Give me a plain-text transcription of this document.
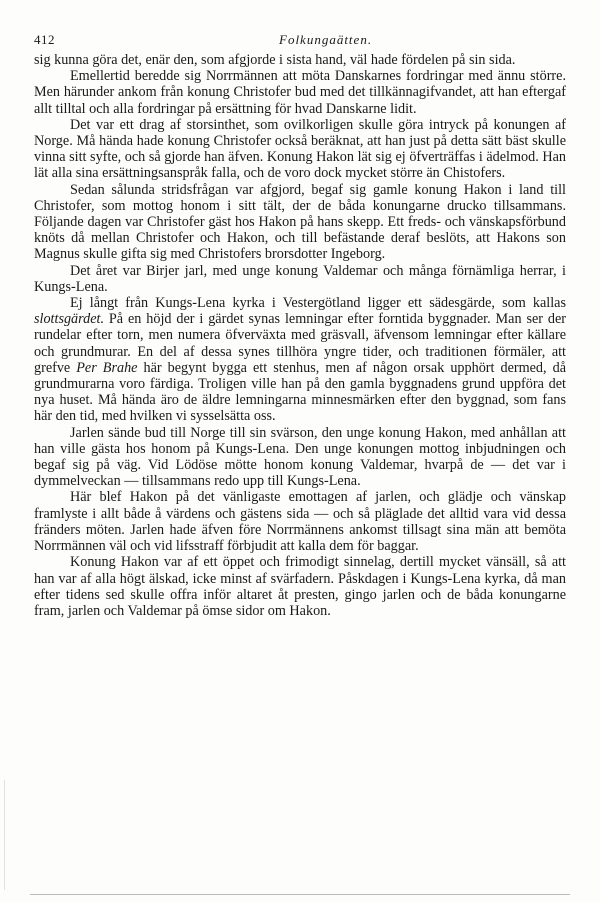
412	Folkungaätten.

sig kunna göra det, enär den, som afgjorde i sista hand, väl hade fördelen på sin sida.

Emellertid beredde sig Norrmännen att möta Danskarnes fordringar med ännu större. Men härunder ankom från konung Christofer bud med det tillkännagifvandet, att han eftergaf allt tilltal och alla fordringar på ersättning för hvad Danskarne lidit.

Det var ett drag af storsinthet, som ovilkorligen skulle göra intryck på konungen af Norge. Må hända hade konung Christofer också beräknat, att han just på detta sätt bäst skulle vinna sitt syfte, och så gjorde han äfven. Konung Hakon lät sig ej öfverträffas i ädelmod. Han lät alla sina ersättningsanspråk falla, och de voro dock mycket större än Chistofers.

Sedan sålunda stridsfrågan var afgjord, begaf sig gamle konung Hakon i land till Christofer, som mottog honom i sitt tält, der de båda konungarne drucko tillsammans. Följande dagen var Christofer gäst hos Hakon på hans skepp. Ett freds- och vänskapsförbund knöts då mellan Christofer och Hakon, och till befästande deraf beslöts, att Hakons son Magnus skulle gifta sig med Christofers brorsdotter Ingeborg.

Det året var Birjer jarl, med unge konung Valdemar och många förnämliga herrar, i Kungs-Lena.

Ej långt från Kungs-Lena kyrka i Vestergötland ligger ett sädesgärde, som kallas slottsgärdet. På en höjd der i gärdet synas lemningar efter forntida byggnader. Man ser der rundelar efter torn, men numera öfverväxta med gräsvall, äfvensom lemningar efter källare och grundmurar. En del af dessa synes tillhöra yngre tider, och traditionen förmäler, att grefve Per Brahe här begynt bygga ett stenhus, men af någon orsak upphört dermed, då grundmurarna voro färdiga. Troligen ville han på den gamla byggnadens grund uppföra det nya huset. Må hända äro de äldre lemningarna minnesmärken efter den byggnad, som fans här den tid, med hvilken vi sysselsätta oss.

Jarlen sände bud till Norge till sin svärson, den unge konung Hakon, med anhållan att han ville gästa hos honom på Kungs-Lena. Den unge konungen mottog inbjudningen och begaf sig på väg. Vid Lödöse mötte honom konung Valdemar, hvarpå de — det var i dymmelveckan — tillsammans redo upp till Kungs-Lena.

Här blef Hakon på det vänligaste emottagen af jarlen, och glädje och vänskap framlyste i allt både å värdens och gästens sida — och så pläglade det alltid vara vid dessa fränders möten. Jarlen hade äfven före Norrmännens ankomst tillsagt sina män att bemöta Norrmännen väl och vid lifsstraff förbjudit att kalla dem för baggar.

Konung Hakon var af ett öppet och frimodigt sinnelag, dertill mycket vänsäll, så att han var af alla högt älskad, icke minst af svärfadern. Påskdagen i Kungs-Lena kyrka, då man efter tidens sed skulle offra inför altaret åt presten, gingo jarlen och de båda konungarne fram, jarlen och Valdemar på ömse sidor om Hakon.
